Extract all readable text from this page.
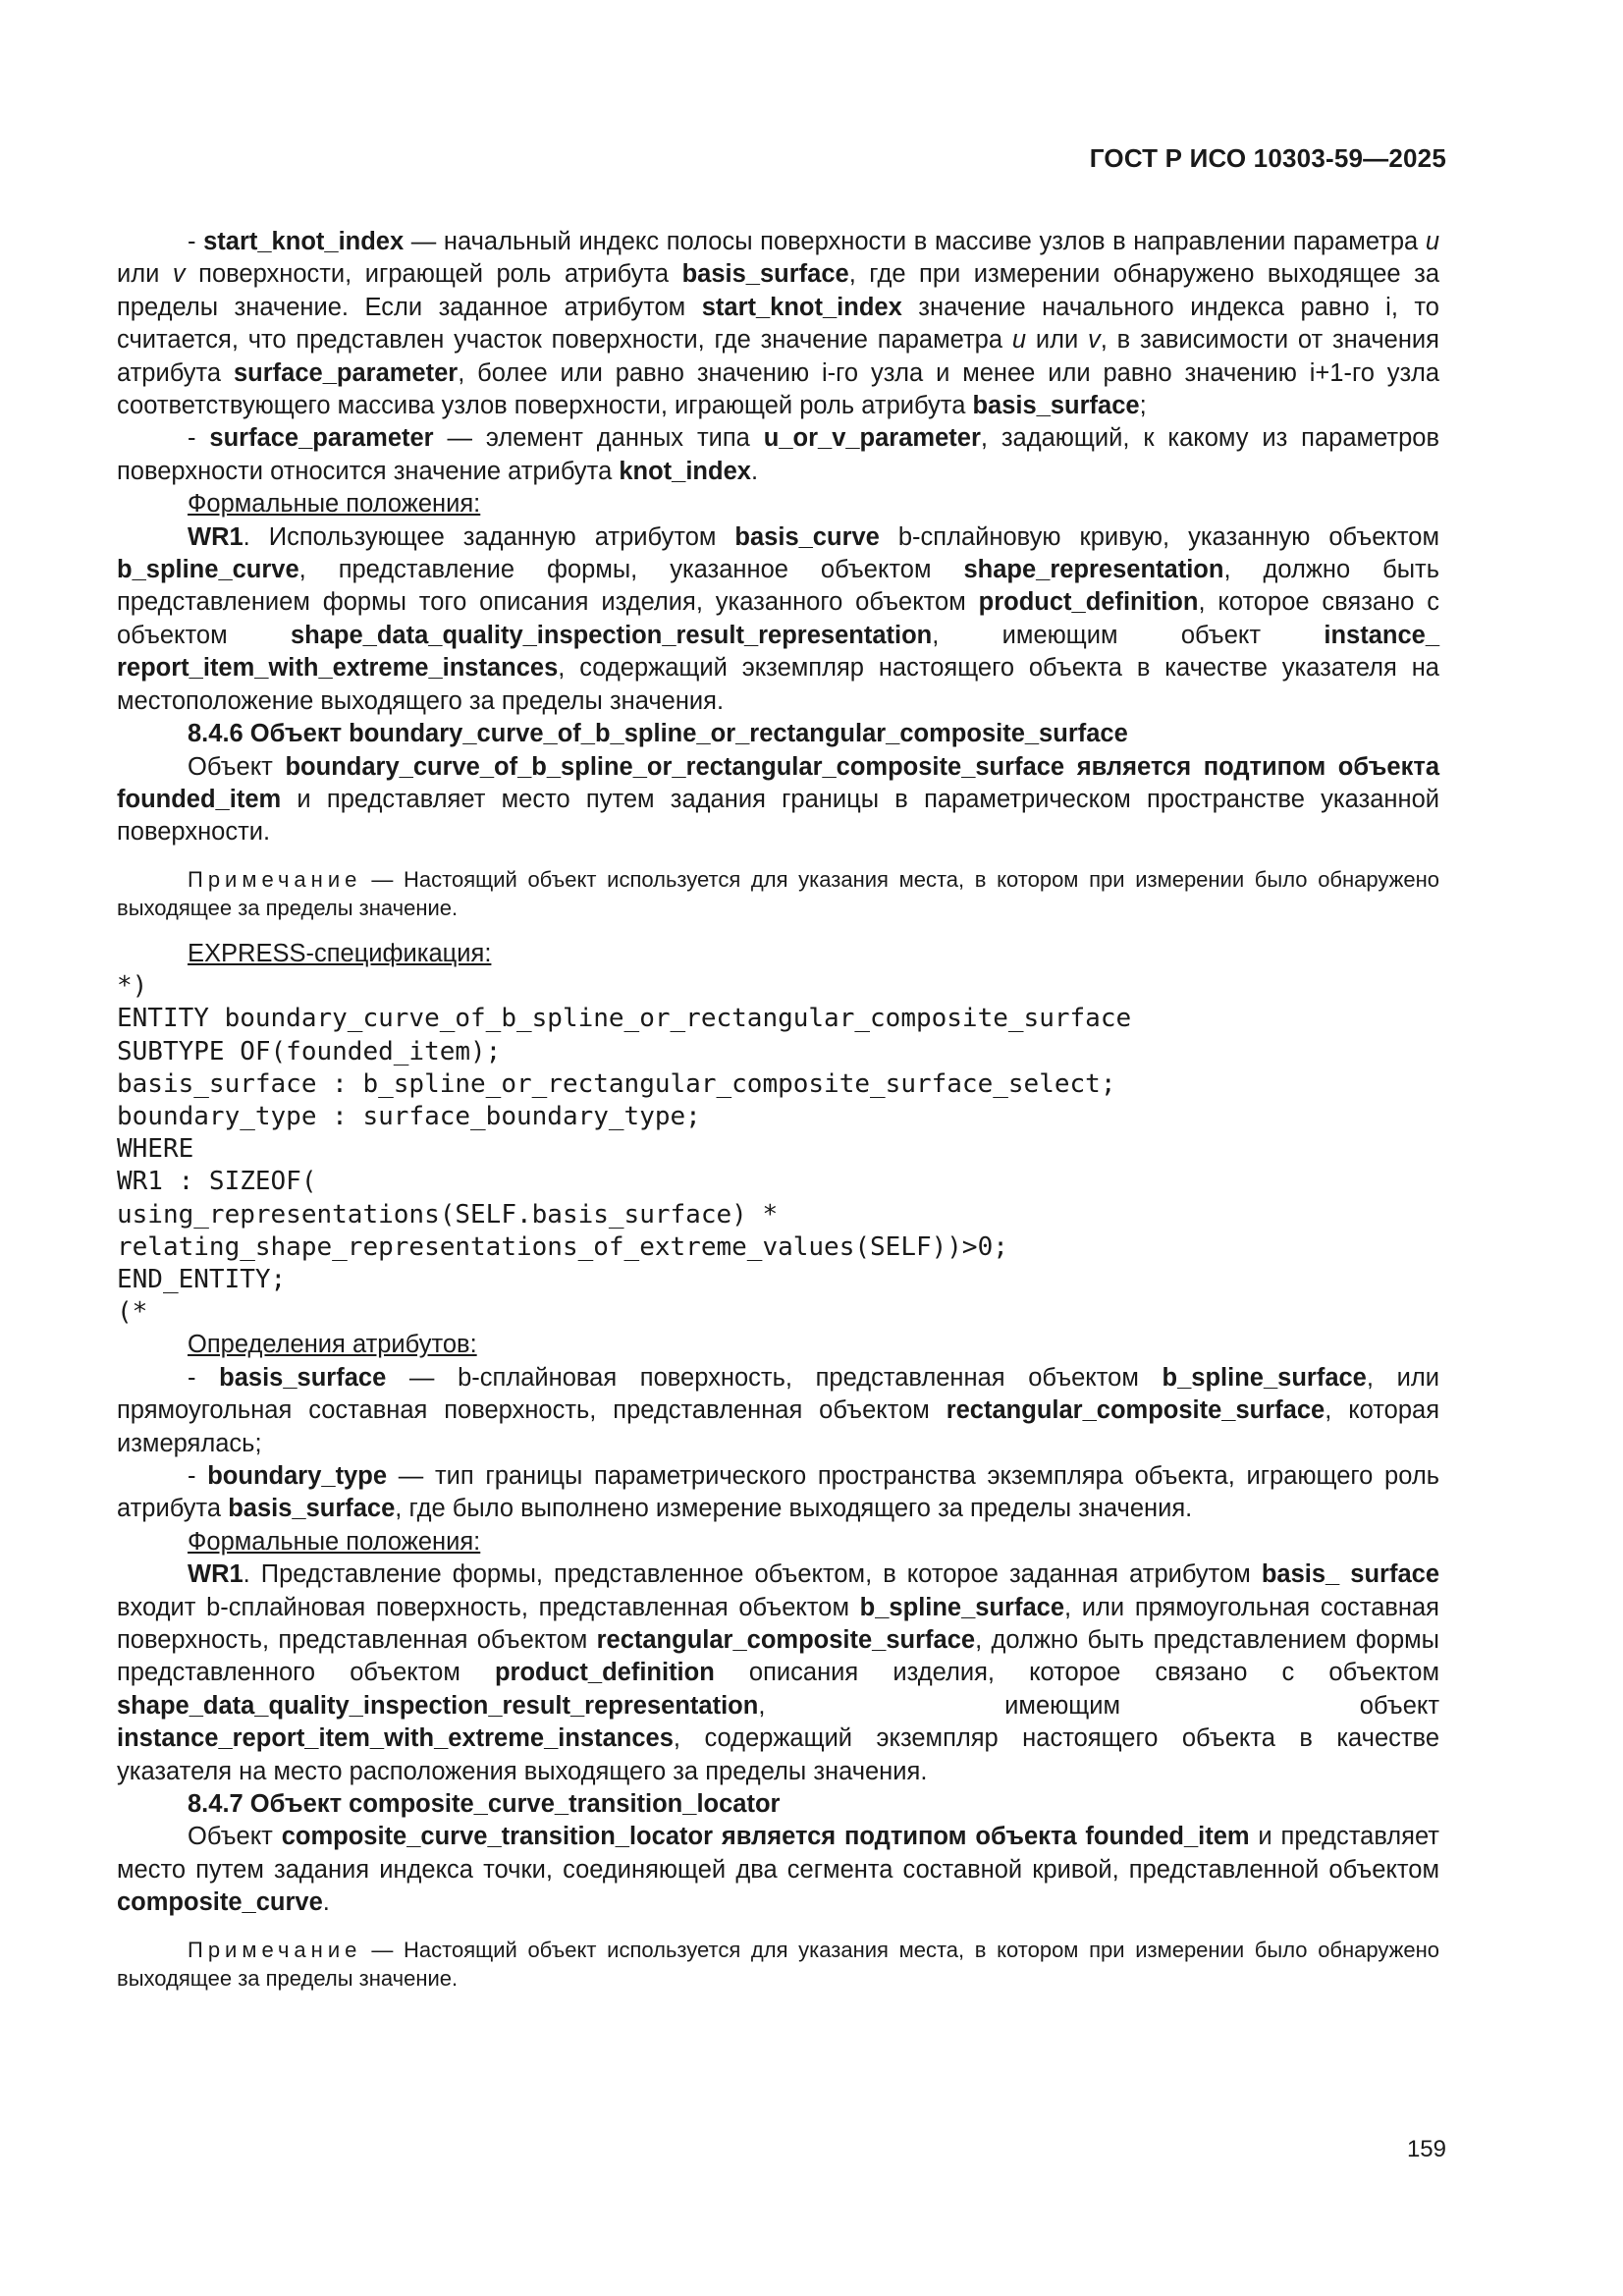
ГОСТ Р ИСО 10303-59—2025

- start_knot_index — начальный индекс полосы поверхности в массиве узлов в направлении параметра u или v поверхности, играющей роль атрибута basis_surface, где при измерении обнаружено выходящее за пределы значение. Если заданное атрибутом start_knot_index значение начального индекса равно i, то считается, что представлен участок поверхности, где значение параметра u или v, в зависимости от значения атрибута surface_parameter, более или равно значению i-го узла и менее или равно значению i+1-го узла соответствующего массива узлов поверхности, играющей роль атрибута basis_surface;

- surface_parameter — элемент данных типа u_or_v_parameter, задающий, к какому из параметров поверхности относится значение атрибута knot_index.

Формальные положения:

WR1. Использующее заданную атрибутом basis_curve b-сплайновую кривую, указанную объектом b_spline_curve, представление формы, указанное объектом shape_representation, должно быть представлением формы того описания изделия, указанного объектом product_definition, которое связано с объектом shape_data_quality_inspection_result_representation, имеющим объект instance_ report_item_with_extreme_instances, содержащий экземпляр настоящего объекта в качестве указателя на местоположение выходящего за пределы значения.

8.4.6 Объект boundary_curve_of_b_spline_or_rectangular_composite_surface

Объект boundary_curve_of_b_spline_or_rectangular_composite_surface является подтипом объекта founded_item и представляет место путем задания границы в параметрическом пространстве указанной поверхности.

Примечание — Настоящий объект используется для указания места, в котором при измерении было обнаружено выходящее за пределы значение.

EXPRESS-спецификация:

*)
ENTITY boundary_curve_of_b_spline_or_rectangular_composite_surface
SUBTYPE OF(founded_item);
basis_surface : b_spline_or_rectangular_composite_surface_select;
boundary_type : surface_boundary_type;
WHERE
WR1 : SIZEOF(
using_representations(SELF.basis_surface) *
relating_shape_representations_of_extreme_values(SELF))>0;
END_ENTITY;
(*

Определения атрибутов:

- basis_surface — b-сплайновая поверхность, представленная объектом b_spline_surface, или прямоугольная составная поверхность, представленная объектом rectangular_composite_surface, которая измерялась;

- boundary_type — тип границы параметрического пространства экземпляра объекта, играющего роль атрибута basis_surface, где было выполнено измерение выходящего за пределы значения.

Формальные положения:

WR1. Представление формы, представленное объектом, в которое заданная атрибутом basis_ surface входит b-сплайновая поверхность, представленная объектом b_spline_surface, или прямоугольная составная поверхность, представленная объектом rectangular_composite_surface, должно быть представлением формы представленного объектом product_definition описания изделия, которое связано с объектом shape_data_quality_inspection_result_representation, имеющим объект instance_report_item_with_extreme_instances, содержащий экземпляр настоящего объекта в качестве указателя на место расположения выходящего за пределы значения.

8.4.7 Объект composite_curve_transition_locator

Объект composite_curve_transition_locator является подтипом объекта founded_item и представляет место путем задания индекса точки, соединяющей два сегмента составной кривой, представленной объектом composite_curve.

Примечание — Настоящий объект используется для указания места, в котором при измерении было обнаружено выходящее за пределы значение.

159
